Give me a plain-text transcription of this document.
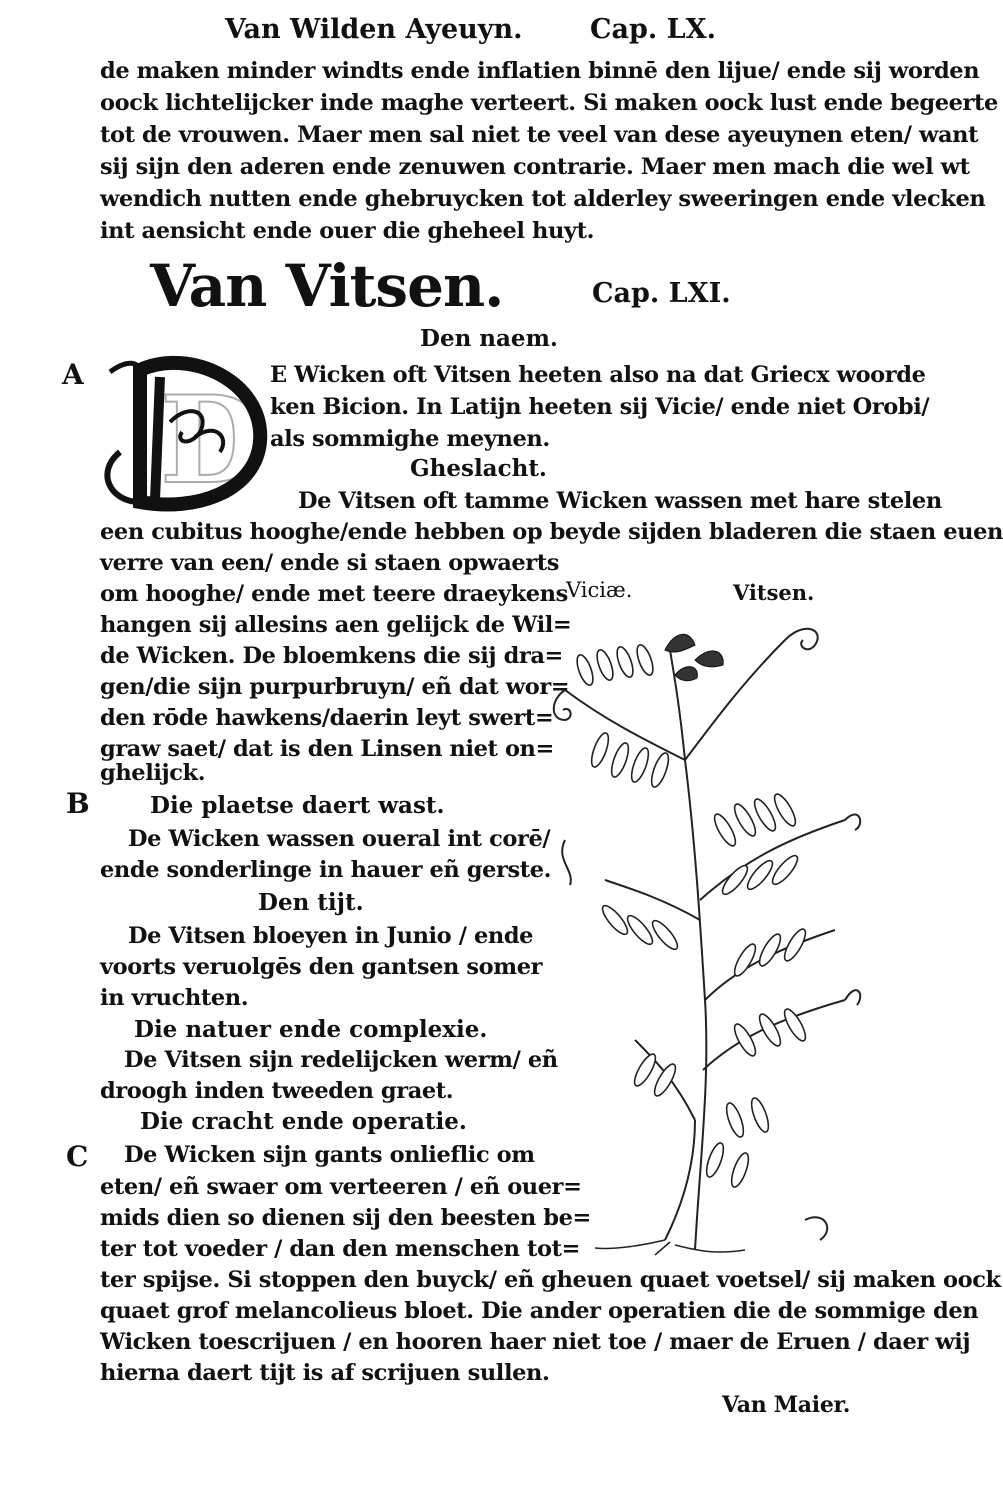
Van Wilden Ayeuyn. Cap. LX.
de maken minder windts ende inflatien binnē den lijue/ ende sij worden
oock lichtelijcker inde maghe verteert. Si maken oock lust ende begeerte
tot de vrouwen. Maer men sal niet te veel van dese ayeuynen eten/ want
sij sijn den aderen ende zenuwen contrarie. Maer men mach die wel wt
wendich nutten ende ghebruycken tot alderley sweeringen ende vlecken
int aensicht ende ouer die gheheel huyt.
Van Vitsen.	Cap. LXI.
Den naem.
A
B
C
D E Wicken oft Vitsen heeten also na dat Griecx woorde
ken Bicion. In Latijn heeten sij Vicie/ ende niet Orobi/
als sommighe meynen.
Gheslacht.
De Vitsen oft tamme Wicken wassen met hare stelen
een cubitus hooghe/ende hebben op beyde sijden bladeren die staen euen
verre van een/ ende si staen opwaerts
om hooghe/ ende met teere draeykens
hangen sij allesins aen gelijck de Wil=
de Wicken. De bloemkens die sij dra=
gen/die sijn purpurbruyn/ eñ dat wor=
den rōde hawkens/daerin leyt swert=
graw saet/ dat is den Linsen niet on=
ghelijck.
Viciæ.	Vitsen.
Die plaetse daert wast.
De Wicken wassen oueral int corē/
ende sonderlinge in hauer eñ gerste.
Den tijt.
De Vitsen bloeyen in Junio / ende
voorts veruolgēs den gantsen somer
in vruchten.
Die natuer ende complexie.
De Vitsen sijn redelijcken werm/ eñ
droogh inden tweeden graet.
Die cracht ende operatie.
De Wicken sijn gants onlieflic om
eten/ eñ swaer om verteeren / eñ ouer=
mids dien so dienen sij den beesten be=
ter tot voeder / dan den menschen tot=
ter spijse. Si stoppen den buyck/ eñ gheuen quaet voetsel/ sij maken oock
quaet grof melancolieus bloet. Die ander operatien die de sommige den
Wicken toescrijuen / en hooren haer niet toe / maer de Eruen / daer wij
hierna daert tijt is af scrijuen sullen.
Van Maier.
